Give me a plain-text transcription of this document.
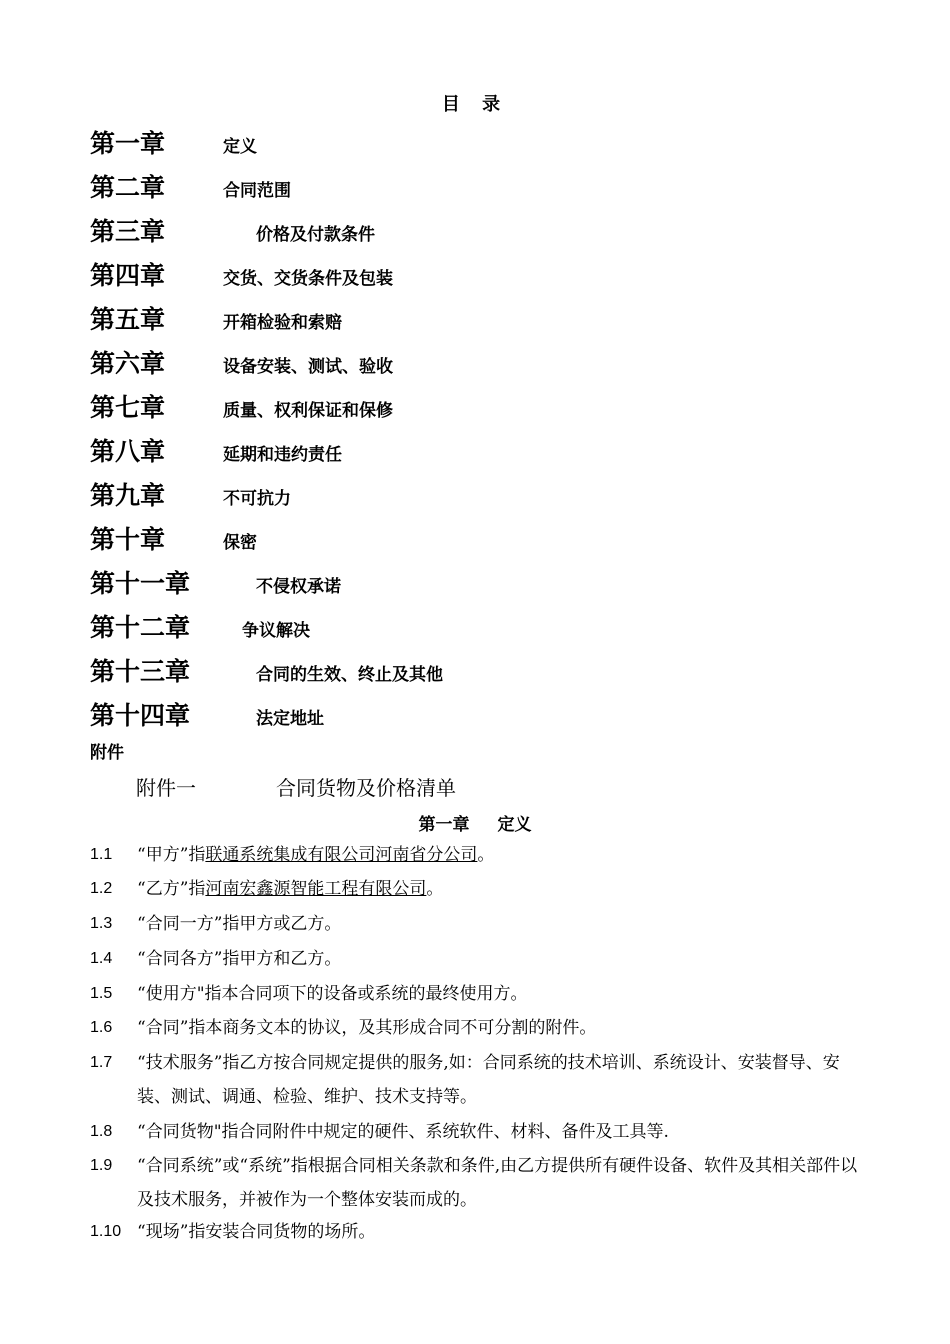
目 录
第一章	定义
第二章	合同范围
第三章	价格及付款条件
第四章	交货、交货条件及包装
第五章	开箱检验和索赔
第六章	设备安装、测试、验收
第七章	质量、权利保证和保修
第八章	延期和违约责任
第九章	不可抗力
第十章	保密
第十一章	不侵权承诺
第十二章	争议解决
第十三章	合同的生效、终止及其他
第十四章	法定地址
附件
附件一	合同货物及价格清单
第一章 定义
1.1 “甲方”指联通系统集成有限公司河南省分公司。
1.2 “乙方”指河南宏鑫源智能工程有限公司。
1.3 “合同一方”指甲方或乙方。
1.4 “合同各方”指甲方和乙方。
1.5 “使用方"指本合同项下的设备或系统的最终使用方。
1.6 “合同”指本商务文本的协议，及其形成合同不可分割的附件。
1.7 “技术服务”指乙方按合同规定提供的服务,如：合同系统的技术培训、系统设计、安装督导、安装、测试、调通、检验、维护、技术支持等。
1.8 “合同货物"指合同附件中规定的硬件、系统软件、材料、备件及工具等.
1.9 “合同系统”或“系统”指根据合同相关条款和条件,由乙方提供所有硬件设备、软件及其相关部件以及技术服务，并被作为一个整体安装而成的。
1.10 “现场”指安装合同货物的场所。
